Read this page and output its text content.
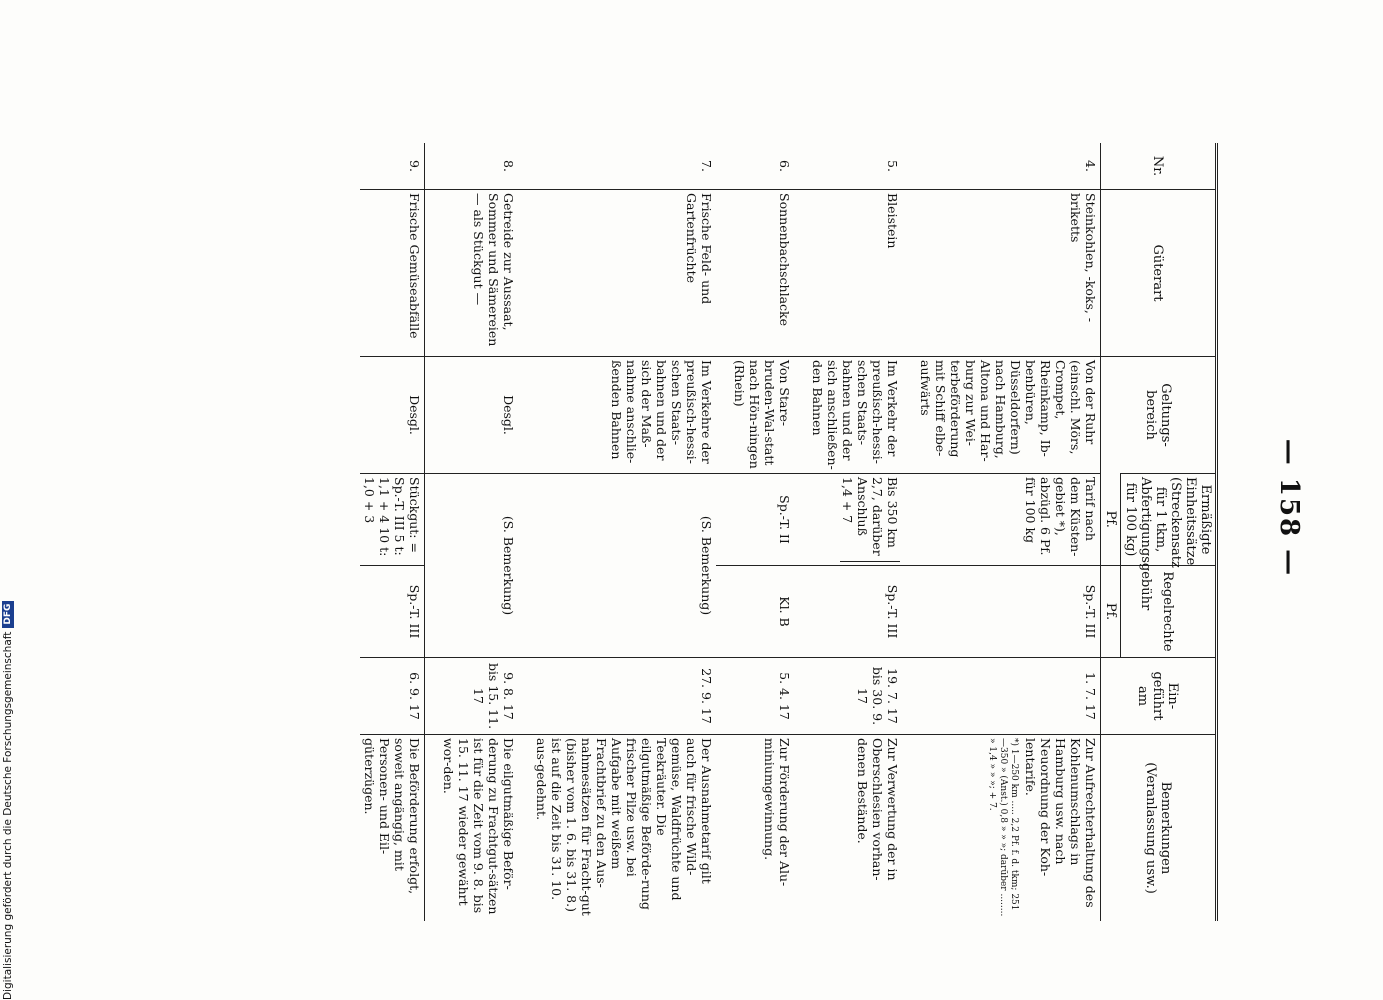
— 158 —
Nr.	Güterart	Geltungs-bereich	Ermäßigte Einheitssätze (Streckensatz für 1 tkm, Abfertigungsgebühr für 100 kg)	Regelrechte	Ein-geführt am	Bemerkungen (Veranlassung usw.)
			Pf.	Pf.		
4.	Steinkohlen, -koks, -briketts	Von der Ruhr (einschl. Mörs, Crompet, Rheinkamp, Ib-benbüren, Düsseldorfern) nach Hamburg, Altona und Har-burg zur Wei-terbeförderung mit Schiff elbe-aufwärts	Tarif nach dem Küsten-gebiet *), abzügl. 6 Pf. für 100 kg	Sp.-T. III	1. 7. 17	Zur Aufrechterhaltung des Kohlenumschlags in Hamburg usw. nach Neuordnung der Koh-lentarife.
*) 1—250 km ..... 2,2 Pf. f. d. tkm; 251—350 » (Anst.) 0,8 » » »; darüber ........ » 1,4 » » »; + 7.

5.	Bleistein	Im Verkehr der preußisch-hessi-schen Staats-bahnen und der sich anschließen-den Bahnen	Bis 350 km 2,7, darüber Anschluß 1,4 + 7	Sp.-T. III	19. 7. 17 bis 30. 9. 17	Zur Verwertung der in Oberschlesien vorhan-denen Bestände.

6.	Sonnenbachschlacke	Von Stare-bruden-Wal-statt nach Hön-ningen (Rhein)	Sp.-T. II	Kl. B	5. 4. 17	Zur Förderung der Alu-miniumgewinnung.

7.	Frische Feld- und Gartenfrüchte	Im Verkehre der preußisch-hessi-schen Staats-bahnen und der sich der Maß-nahme anschlie-ßenden Bahnen	(S. Bemerkung)		27. 9. 17	Der Ausnahmetarif gilt auch für frische Wild-gemüse, Waldfrüchte und Teekräuter. Die eilgutmäßige Beförde-rung frischer Pilze usw. bei Aufgabe mit weißem Frachtbrief zu den Aus-nahmesätzen für Fracht-gut (bisher vom 1. 6. bis 31. 8.) ist auf die Zeit bis 31. 10. aus-gedehnt.

8.	Getreide zur Aussaat, Sommer und Sämereien — als Stückgut —	Desgl.	(S. Bemerkung)		9. 8. 17 bis 15. 11. 17	Die eilgutmäßige Beför-derung zu Frachtgut-sätzen ist für die Zeit vom 9. 8. bis 15. 11. 17 wieder gewährt wor-den.

9.	Frische Gemüseabfälle	Desgl.	Stückgut: = Sp.-T. III 5 t: 1,1 + 4 10 t: 1,0 + 3	Sp.-T. III	6. 9. 17	Die Beförderung erfolgt, soweit angängig, mit Personen- und Eil-güterzügen.
Digitalisierung gefördert durch die Deutsche ForschungsgemeinschaftDFG
